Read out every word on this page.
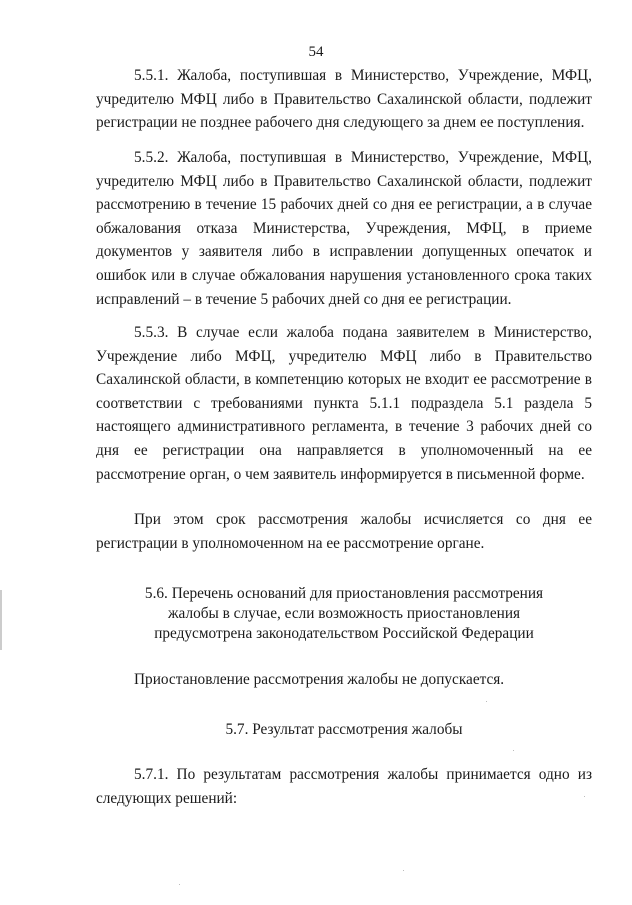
54

5.5.1. Жалоба, поступившая в Министерство, Учреждение, МФЦ, учредителю МФЦ либо в Правительство Сахалинской области, подлежит регистрации не позднее рабочего дня следующего за днем ее поступления.

5.5.2. Жалоба, поступившая в Министерство, Учреждение, МФЦ, учредителю МФЦ либо в Правительство Сахалинской области, подлежит рассмотрению в течение 15 рабочих дней со дня ее регистрации, а в случае обжалования отказа Министерства, Учреждения, МФЦ, в приеме документов у заявителя либо в исправлении допущенных опечаток и ошибок или в случае обжалования нарушения установленного срока таких исправлений – в течение 5 рабочих дней со дня ее регистрации.

5.5.3. В случае если жалоба подана заявителем в Министерство, Учреждение либо МФЦ, учредителю МФЦ либо в Правительство Сахалинской области, в компетенцию которых не входит ее рассмотрение в соответствии с требованиями пункта 5.1.1 подраздела 5.1 раздела 5 настоящего административного регламента, в течение 3 рабочих дней со дня ее регистрации она направляется в уполномоченный на ее рассмотрение орган, о чем заявитель информируется в письменной форме.

При этом срок рассмотрения жалобы исчисляется со дня ее регистрации в уполномоченном на ее рассмотрение органе.

5.6. Перечень оснований для приостановления рассмотрения
жалобы в случае, если возможность приостановления
предусмотрена законодательством Российской Федерации

Приостановление рассмотрения жалобы не допускается.

5.7. Результат рассмотрения жалобы

5.7.1. По результатам рассмотрения жалобы принимается одно из следующих решений:
